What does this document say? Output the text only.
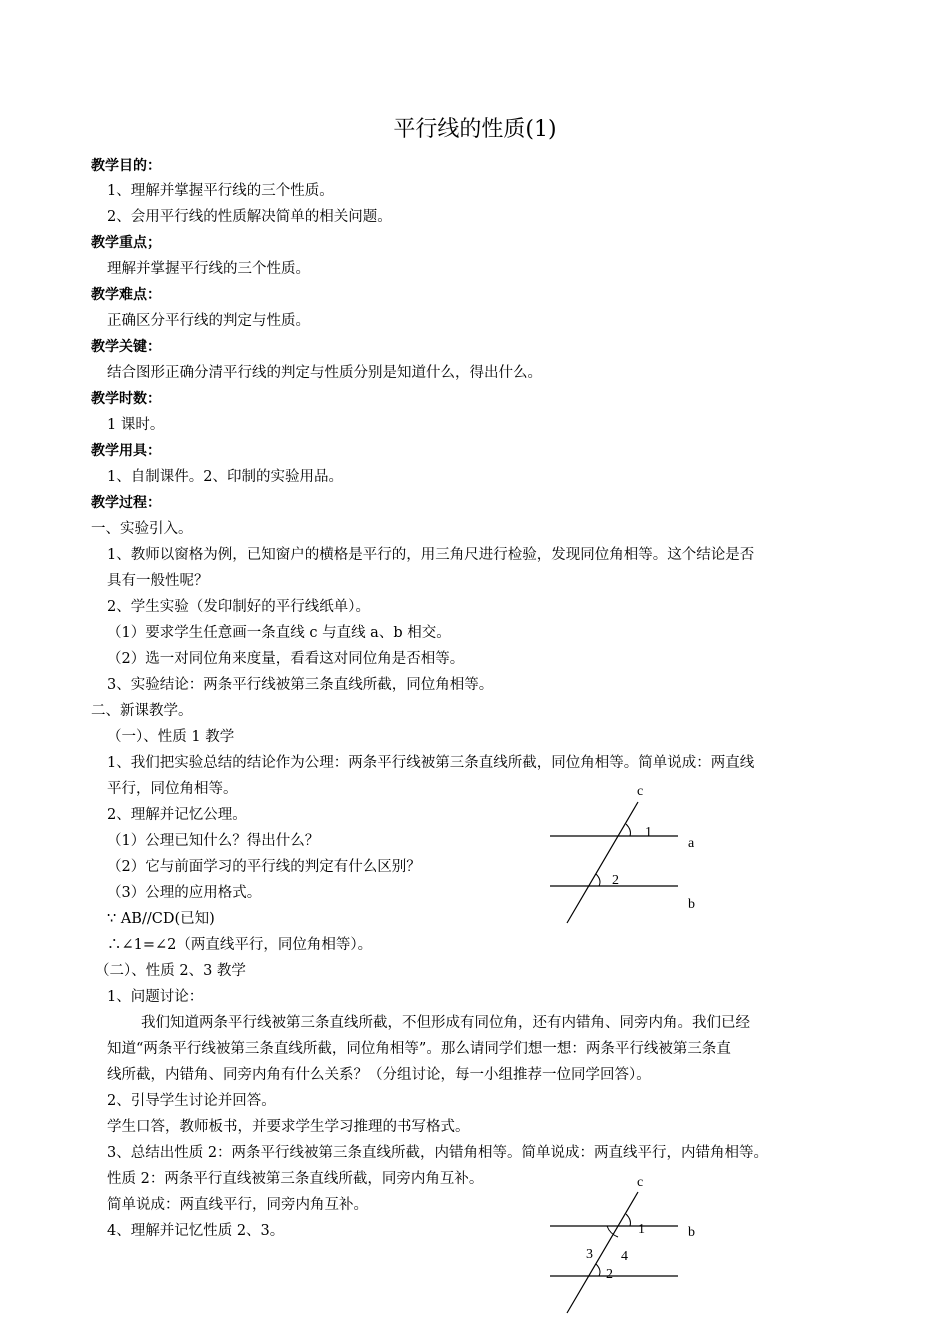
平行线的性质(1)
教学目的：
1、理解并掌握平行线的三个性质。
2、会用平行线的性质解决简单的相关问题。
教学重点；
理解并掌握平行线的三个性质。
教学难点：
正确区分平行线的判定与性质。
教学关键：
结合图形正确分清平行线的判定与性质分别是知道什么，得出什么。
教学时数：
1 课时。
教学用具：
1、自制课件。2、印制的实验用品。
教学过程：
一、实验引入。
1、教师以窗格为例，已知窗户的横格是平行的，用三角尺进行检验，发现同位角相等。这个结论是否
具有一般性呢？
2、学生实验（发印制好的平行线纸单）。
（1）要求学生任意画一条直线 c 与直线 a、b 相交。
（2）选一对同位角来度量，看看这对同位角是否相等。
3、实验结论：两条平行线被第三条直线所截，同位角相等。
二、新课教学。
（一）、性质 1 教学
1、我们把实验总结的结论作为公理：两条平行线被第三条直线所截，同位角相等。简单说成：两直线
平行，同位角相等。
2、理解并记忆公理。
（1）公理已知什么？得出什么？
（2）它与前面学习的平行线的判定有什么区别？
（3）公理的应用格式。
∵ AB//CD(已知)
∴∠1=∠2（两直线平行，同位角相等）。
（二）、性质 2、3 教学
1、问题讨论：
我们知道两条平行线被第三条直线所截，不但形成有同位角，还有内错角、同旁内角。我们已经
知道“两条平行线被第三条直线所截，同位角相等”。那么请同学们想一想：两条平行线被第三条直
线所截，内错角、同旁内角有什么关系？（分组讨论，每一小组推荐一位同学回答）。
2、引导学生讨论并回答。
学生口答，教师板书，并要求学生学习推理的书写格式。
3、总结出性质 2：两条平行线被第三条直线所截，内错角相等。简单说成：两直线平行，内错角相等。
性质 2：两条平行直线被第三条直线所截，同旁内角互补。
简单说成：两直线平行，同旁内角互补。
4、理解并记忆性质 2、3。
c
1
a
2
b
c
1	b
3 4
2
